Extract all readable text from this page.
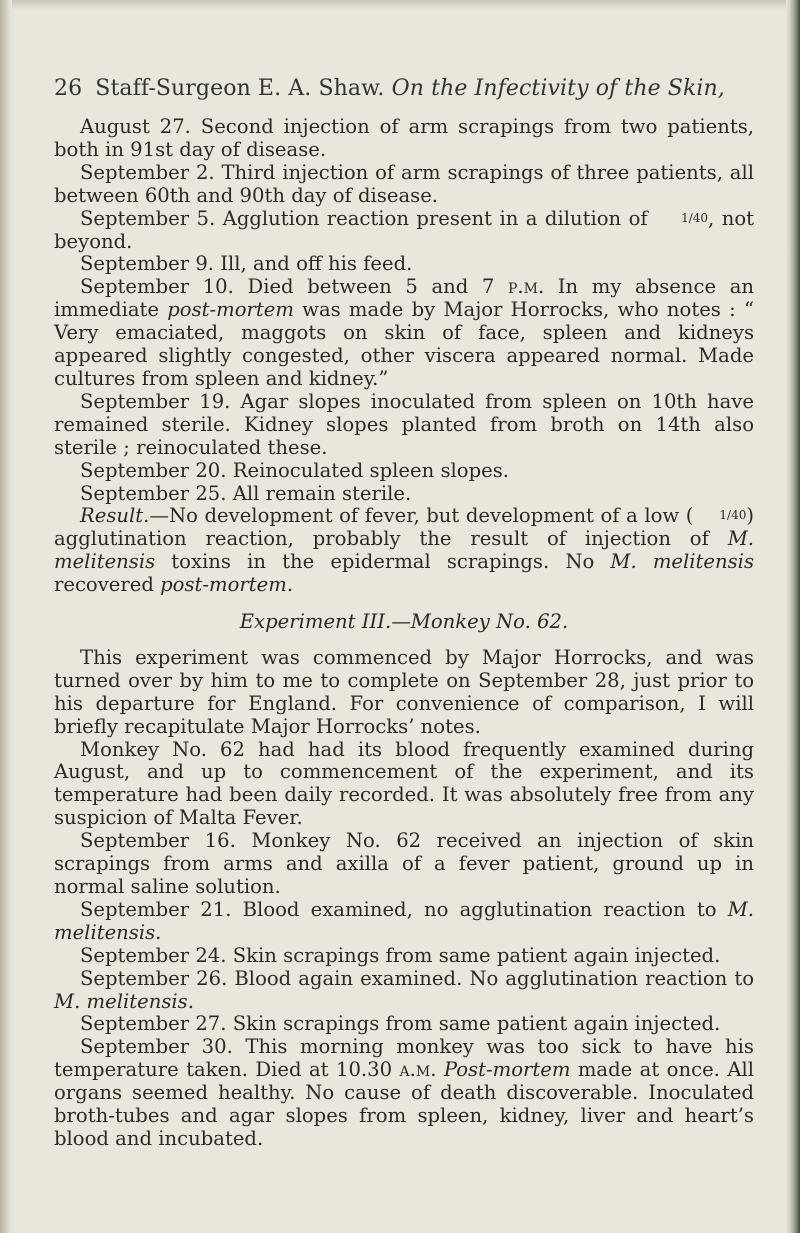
26 Staff-Surgeon E. A. Shaw. On the Infectivity of the Skin,

August 27. Second injection of arm scrapings from two patients, both in 91st day of disease.

September 2. Third injection of arm scrapings of three patients, all between 60th and 90th day of disease.

September 5. Agglution reaction present in a dilution of 1/40, not beyond.

September 9. Ill, and off his feed.

September 10. Died between 5 and 7 p.m. In my absence an immediate post-mortem was made by Major Horrocks, who notes : “ Very emaciated, maggots on skin of face, spleen and kidneys appeared slightly congested, other viscera appeared normal. Made cultures from spleen and kidney.”

September 19. Agar slopes inoculated from spleen on 10th have remained sterile. Kidney slopes planted from broth on 14th also sterile ; reinoculated these.

September 20. Reinoculated spleen slopes.

September 25. All remain sterile.

Result.—No development of fever, but development of a low ( 1/40) agglutination reaction, probably the result of injection of M. melitensis toxins in the epidermal scrapings. No M. melitensis recovered post-mortem.

Experiment III.—Monkey No. 62.

This experiment was commenced by Major Horrocks, and was turned over by him to me to complete on September 28, just prior to his departure for England. For convenience of comparison, I will briefly recapitulate Major Horrocks’ notes.

Monkey No. 62 had had its blood frequently examined during August, and up to commencement of the experiment, and its temperature had been daily recorded. It was absolutely free from any suspicion of Malta Fever.

September 16. Monkey No. 62 received an injection of skin scrapings from arms and axilla of a fever patient, ground up in normal saline solution.

September 21. Blood examined, no agglutination reaction to M. melitensis.

September 24. Skin scrapings from same patient again injected.

September 26. Blood again examined. No agglutination reaction to M. melitensis.

September 27. Skin scrapings from same patient again injected.

September 30. This morning monkey was too sick to have his temperature taken. Died at 10.30 a.m. Post-mortem made at once. All organs seemed healthy. No cause of death discoverable. Inoculated broth-tubes and agar slopes from spleen, kidney, liver and heart’s blood and incubated.
